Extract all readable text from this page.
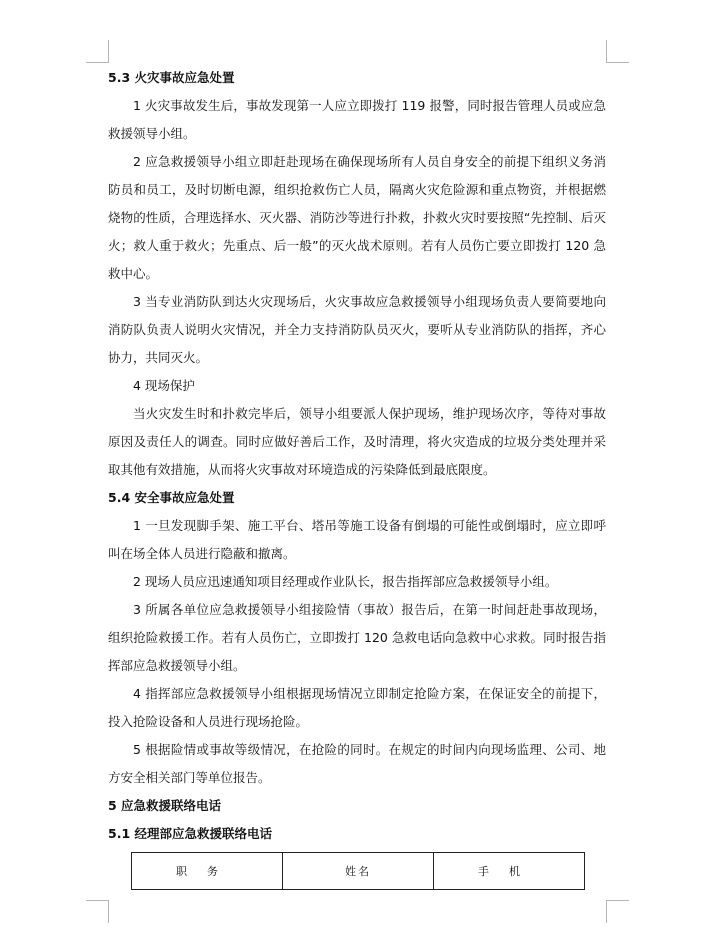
5.3 火灾事故应急处置

1 火灾事故发生后，事故发现第一人应立即拨打 119 报警，同时报告管理人员或应急救援领导小组。

2 应急救援领导小组立即赶赴现场在确保现场所有人员自身安全的前提下组织义务消防员和员工，及时切断电源，组织抢救伤亡人员，隔离火灾危险源和重点物资，并根据燃烧物的性质，合理选择水、灭火器、消防沙等进行扑救，扑救火灾时要按照“先控制、后灭火；救人重于救火；先重点、后一般”的灭火战术原则。若有人员伤亡要立即拨打 120 急救中心。

3 当专业消防队到达火灾现场后，火灾事故应急救援领导小组现场负责人要简要地向消防队负责人说明火灾情况，并全力支持消防队员灭火，要听从专业消防队的指挥，齐心协力，共同灭火。

4 现场保护

当火灾发生时和扑救完毕后，领导小组要派人保护现场，维护现场次序，等待对事故原因及责任人的调查。同时应做好善后工作，及时清理，将火灾造成的垃圾分类处理并采取其他有效措施，从而将火灾事故对环境造成的污染降低到最底限度。

5.4 安全事故应急处置

1 一旦发现脚手架、施工平台、塔吊等施工设备有倒塌的可能性或倒塌时，应立即呼叫在场全体人员进行隐蔽和撤离。

2 现场人员应迅速通知项目经理或作业队长，报告指挥部应急救援领导小组。

3 所属各单位应急救援领导小组接险情（事故）报告后，在第一时间赶赴事故现场，组织抢险救援工作。若有人员伤亡，立即拨打 120 急救电话向急救中心求救。同时报告指挥部应急救援领导小组。

4 指挥部应急救援领导小组根据现场情况立即制定抢险方案，在保证安全的前提下，投入抢险设备和人员进行现场抢险。

5 根据险情或事故等级情况，在抢险的同时。在规定的时间内向现场监理、公司、地方安全相关部门等单位报告。

5 应急救援联络电话
5.1 经理部应急救援联络电话
职务	姓名	手机
